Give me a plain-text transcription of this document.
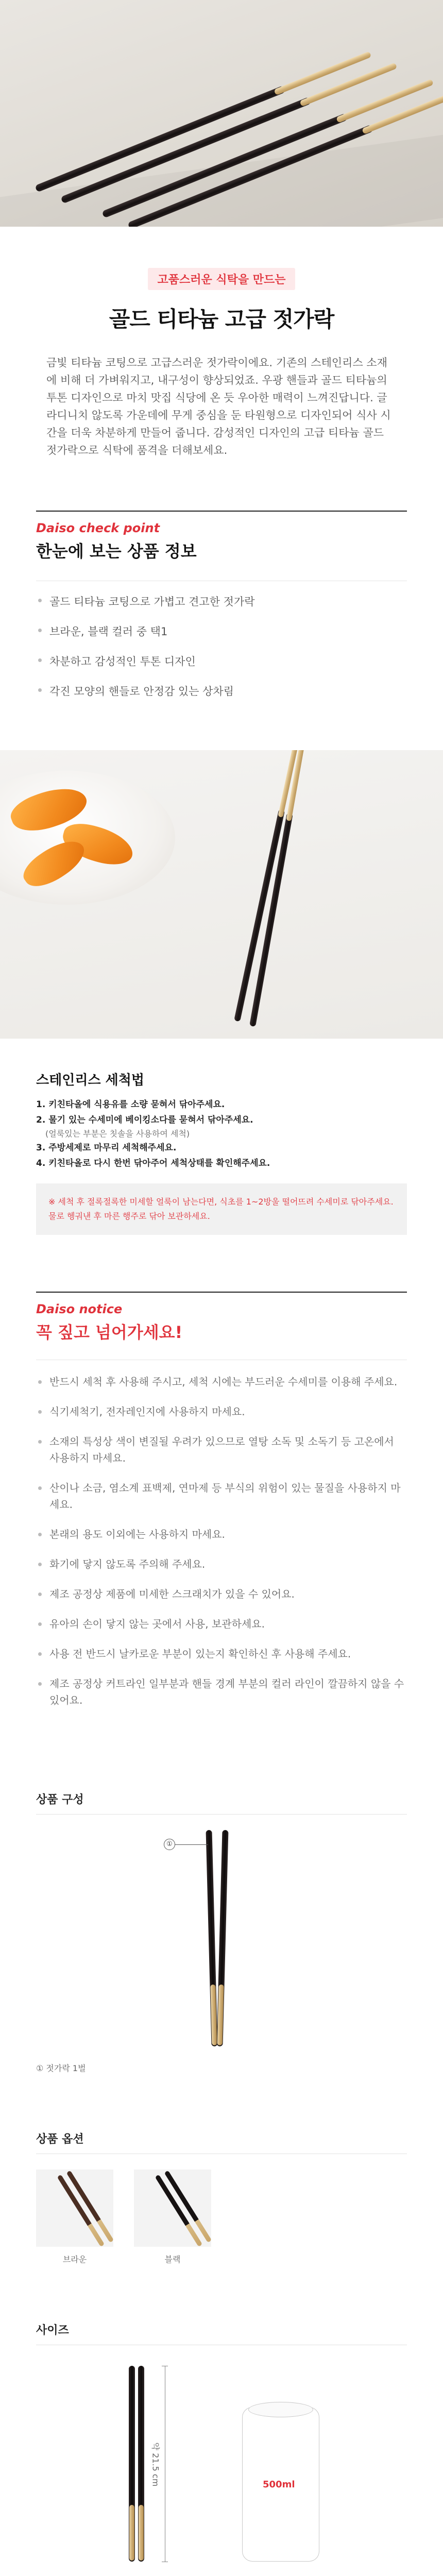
고품스러운 식탁을 만드는
골드 티타늄 고급 젓가락

금빛 티타늄 코팅으로 고급스러운 젓가락이에요. 기존의 스테인리스 소재에 비해 더 가벼워지고, 내구성이 향상되었죠. 우광 핸들과 골드 티타늄의 투톤 디자인으로 마치 맛집 식당에 온 듯 우아한 매력이 느껴진답니다. 글라디니치 않도록 가운데에 무게 중심을 둔 타원형으로 디자인되어 식사 시간을 더욱 차분하게 만들어 줍니다. 감성적인 디자인의 고급 티타늄 골드 젓가락으로 식탁에 품격을 더해보세요.

Daiso check point
한눈에 보는 상품 정보
골드 티타늄 코팅으로 가볍고 견고한 젓가락
브라운, 블랙 컬러 중 택1
차분하고 감성적인 투톤 디자인
각진 모양의 핸들로 안정감 있는 상차림
스테인리스 세척법
1. 키친타올에 식용유를 소량 묻혀서 닦아주세요.
2. 물기 있는 수세미에 베이킹소다를 묻혀서 닦아주세요.
(얼룩있는 부분은 칫솔을 사용하여 세척)
3. 주방세제로 마무리 세척해주세요.
4. 키친타올로 다시 한번 닦아주어 세척상태를 확인해주세요.
※ 세척 후 절록절록한 미세할 얼룩이 남는다면, 식초를 1~2방울 떨어뜨려 수세미로 닦아주세요. 물로 헹궈낸 후 마른 행주로 닦아 보관하세요.
Daiso notice
꼭 짚고 넘어가세요!
반드시 세척 후 사용해 주시고, 세척 시에는 부드러운 수세미를 이용해 주세요.
식기세척기, 전자레인지에 사용하지 마세요.
소재의 특성상 색이 변질될 우려가 있으므로 열탕 소독 및 소독기 등 고온에서 사용하지 마세요.
산이나 소금, 염소계 표백제, 연마제 등 부식의 위험이 있는 물질을 사용하지 마세요.
본래의 용도 이외에는 사용하지 마세요.
화기에 닿지 않도록 주의해 주세요.
제조 공정상 제품에 미세한 스크래치가 있을 수 있어요.
유아의 손이 닿지 않는 곳에서 사용, 보관하세요.
사용 전 반드시 날카로운 부분이 있는지 확인하신 후 사용해 주세요.
제조 공정상 커트라인 일부분과 핸들 경계 부분의 컬러 라인이 깔끔하지 않을 수 있어요.
상품 구성
①
① 젓가락 1벌
상품 옵션
브라운	블랙
사이즈
약 21.5 cm	500ml
